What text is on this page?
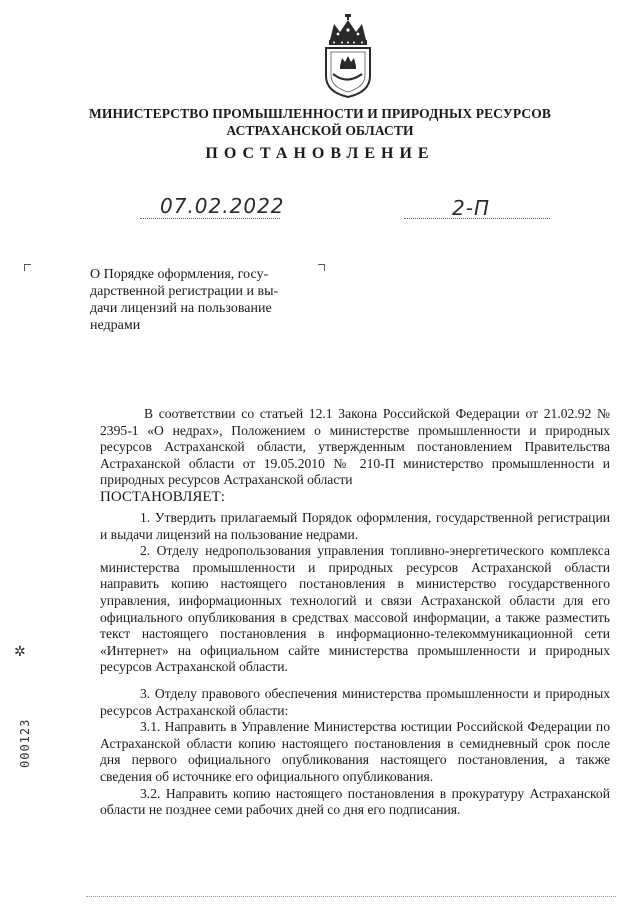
МИНИСТЕРСТВО ПРОМЫШЛЕННОСТИ И ПРИРОДНЫХ РЕСУРСОВ
АСТРАХАНСКОЙ ОБЛАСТИ
ПОСТАНОВЛЕНИЕ
07.02.2022	2-П
О Порядке оформления, госу-
дарственной регистрации и вы-
дачи лицензий на пользование
недрами

В соответствии со статьей 12.1 Закона Российской Федерации от 21.02.92 № 2395-1 «О недрах», Положением о министерстве промышленности и природных ресурсов Астраханской области, утвержденным постановлением Правительства Астраханской области от 19.05.2010 № 210-П министерство промышленности и природных ресурсов Астраханской области

ПОСТАНОВЛЯЕТ:

1. Утвердить прилагаемый Порядок оформления, государственной регистрации и выдачи лицензий на пользование недрами.

2. Отделу недропользования управления топливно-энергетического комплекса министерства промышленности и природных ресурсов Астраханской области направить копию настоящего постановления в министерство государственного управления, информационных технологий и связи Астраханской области для его официального опубликования в средствах массовой информации, а также разместить текст настоящего постановления в информационно-телекоммуникационной сети «Интернет» на официальном сайте министерства промышленности и природных ресурсов Астраханской области.

3. Отделу правового обеспечения министерства промышленности и природных ресурсов Астраханской области:

3.1. Направить в Управление Министерства юстиции Российской Федерации по Астраханской области копию настоящего постановления в семидневный срок после дня первого официального опубликования настоящего постановления, а также сведения об источнике его официального опубликования.

3.2. Направить копию настоящего постановления в прокуратуру Астраханской области не позднее семи рабочих дней со дня его подписания.

000123
✲
